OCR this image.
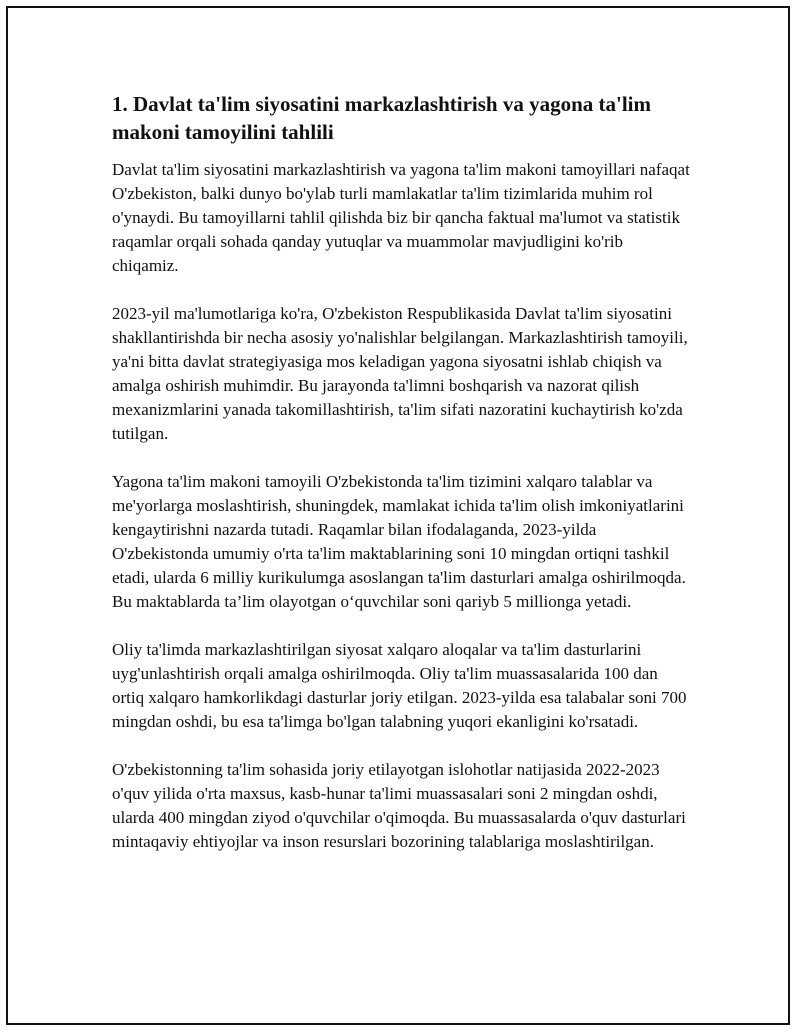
1. Davlat ta'lim siyosatini markazlashtirish va yagona ta'lim makoni tamoyilini tahlili

Davlat ta'lim siyosatini markazlashtirish va yagona ta'lim makoni tamoyillari nafaqat O'zbekiston, balki dunyo bo'ylab turli mamlakatlar ta'lim tizimlarida muhim rol o'ynaydi. Bu tamoyillarni tahlil qilishda biz bir qancha faktual ma'lumot va statistik raqamlar orqali sohada qanday yutuqlar va muammolar mavjudligini ko'rib chiqamiz.

2023-yil ma'lumotlariga ko'ra, O'zbekiston Respublikasida Davlat ta'lim siyosatini shakllantirishda bir necha asosiy yo'nalishlar belgilangan. Markazlashtirish tamoyili, ya'ni bitta davlat strategiyasiga mos keladigan yagona siyosatni ishlab chiqish va amalga oshirish muhimdir. Bu jarayonda ta'limni boshqarish va nazorat qilish mexanizmlarini yanada takomillashtirish, ta'lim sifati nazoratini kuchaytirish ko'zda tutilgan.

Yagona ta'lim makoni tamoyili O'zbekistonda ta'lim tizimini xalqaro talablar va me'yorlarga moslashtirish, shuningdek, mamlakat ichida ta'lim olish imkoniyatlarini kengaytirishni nazarda tutadi. Raqamlar bilan ifodalaganda, 2023-yilda O'zbekistonda umumiy o'rta ta'lim maktablarining soni 10 mingdan ortiqni tashkil etadi, ularda 6 milliy kurikulumga asoslangan ta'lim dasturlari amalga oshirilmoqda. Bu maktablarda ta’lim olayotgan o‘quvchilar soni qariyb 5 millionga yetadi.

Oliy ta'limda markazlashtirilgan siyosat xalqaro aloqalar va ta'lim dasturlarini uyg'unlashtirish orqali amalga oshirilmoqda. Oliy ta'lim muassasalarida 100 dan ortiq xalqaro hamkorlikdagi dasturlar joriy etilgan. 2023-yilda esa talabalar soni 700 mingdan oshdi, bu esa ta'limga bo'lgan talabning yuqori ekanligini ko'rsatadi.

O'zbekistonning ta'lim sohasida joriy etilayotgan islohotlar natijasida 2022-2023 o'quv yilida o'rta maxsus, kasb-hunar ta'limi muassasalari soni 2 mingdan oshdi, ularda 400 mingdan ziyod o'quvchilar o'qimoqda. Bu muassasalarda o'quv dasturlari mintaqaviy ehtiyojlar va inson resurslari bozorining talablariga moslashtirilgan.
